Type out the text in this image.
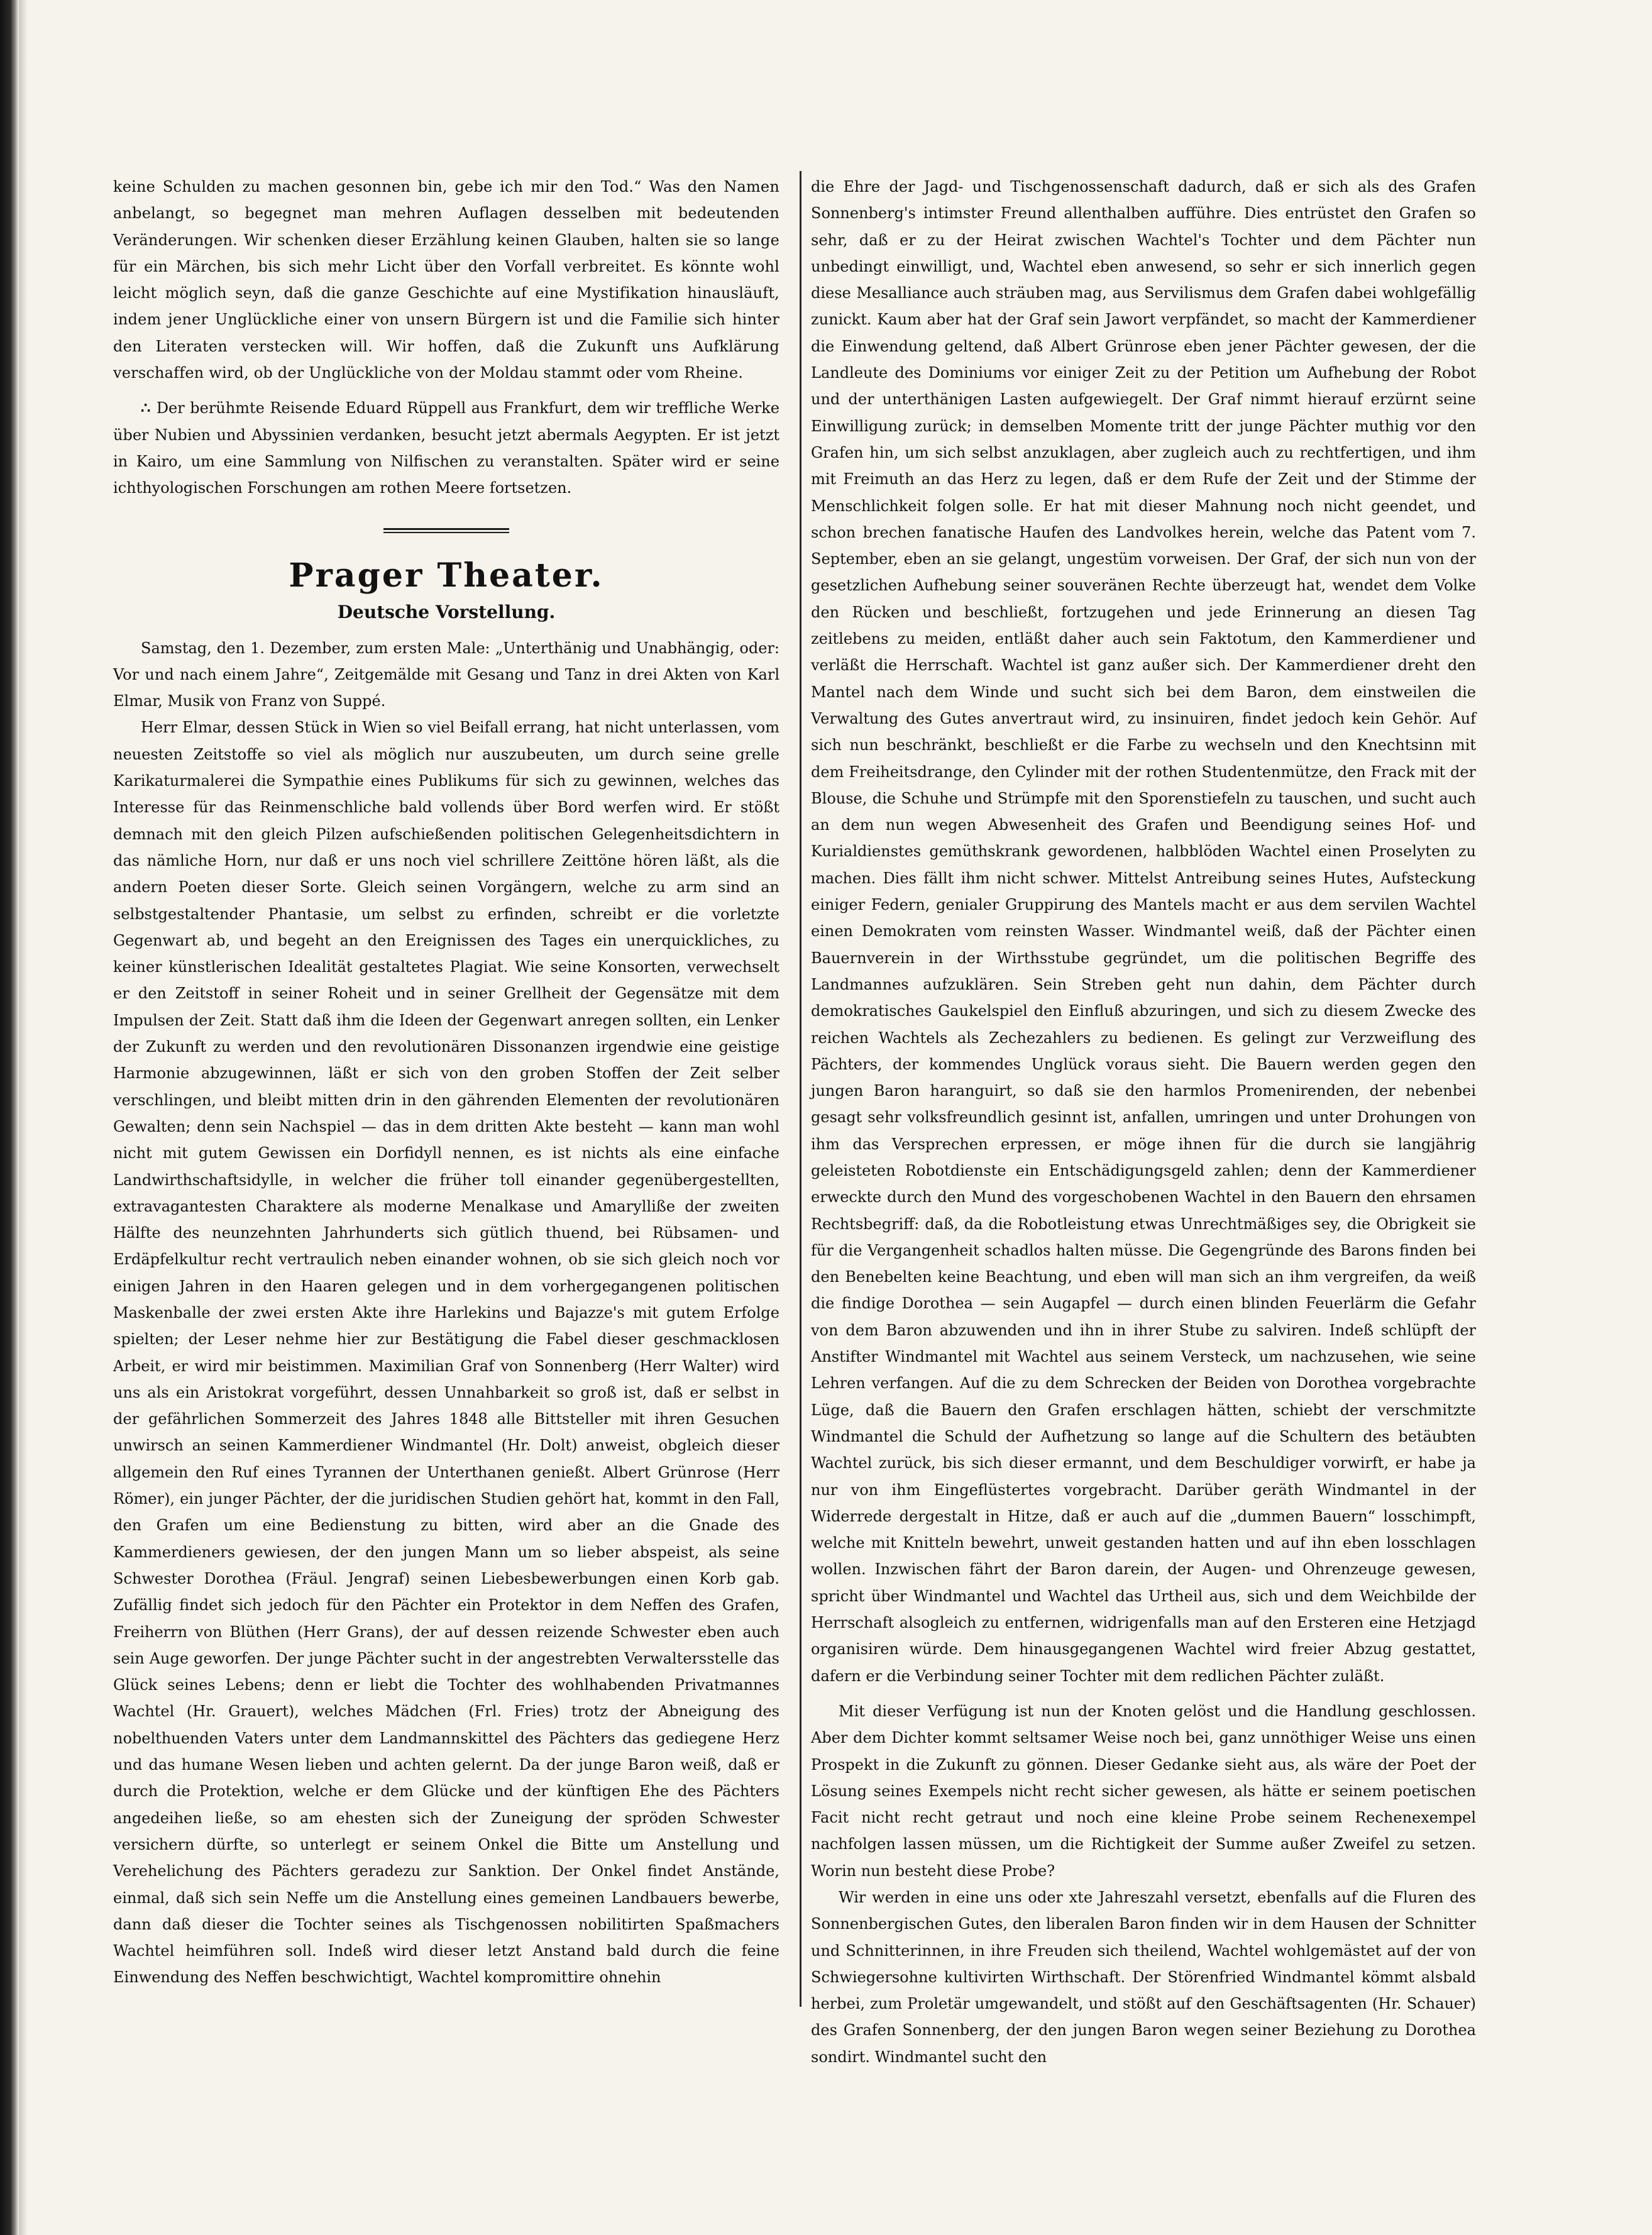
keine Schulden zu machen gesonnen bin, gebe ich mir den Tod.“ Was den Namen anbelangt, so begegnet man mehren Auflagen desselben mit bedeutenden Veränderungen. Wir schenken dieser Erzählung keinen Glauben, halten sie so lange für ein Märchen, bis sich mehr Licht über den Vorfall verbreitet. Es könnte wohl leicht möglich seyn, daß die ganze Geschichte auf eine Mystifikation hinausläuft, indem jener Unglückliche einer von unsern Bürgern ist und die Familie sich hinter den Literaten verstecken will. Wir hoffen, daß die Zukunft uns Aufklärung verschaffen wird, ob der Unglückliche von der Moldau stammt oder vom Rheine.

∴ Der berühmte Reisende Eduard Rüppell aus Frankfurt, dem wir treffliche Werke über Nubien und Abyssinien verdanken, besucht jetzt abermals Aegypten. Er ist jetzt in Kairo, um eine Sammlung von Nilfischen zu veranstalten. Später wird er seine ichthyologischen Forschungen am rothen Meere fortsetzen.

Prager Theater.
Deutsche Vorstellung.

Samstag, den 1. Dezember, zum ersten Male: „Unterthänig und Unabhängig, oder: Vor und nach einem Jahre“, Zeitgemälde mit Gesang und Tanz in drei Akten von Karl Elmar, Musik von Franz von Suppé.

Herr Elmar, dessen Stück in Wien so viel Beifall errang, hat nicht unterlassen, vom neuesten Zeitstoffe so viel als möglich nur auszubeuten, um durch seine grelle Karikaturmalerei die Sympathie eines Publikums für sich zu gewinnen, welches das Interesse für das Reinmenschliche bald vollends über Bord werfen wird. Er stößt demnach mit den gleich Pilzen aufschießenden politischen Gelegenheitsdichtern in das nämliche Horn, nur daß er uns noch viel schrillere Zeittöne hören läßt, als die andern Poeten dieser Sorte. Gleich seinen Vorgängern, welche zu arm sind an selbstgestaltender Phantasie, um selbst zu erfinden, schreibt er die vorletzte Gegenwart ab, und begeht an den Ereignissen des Tages ein unerquickliches, zu keiner künstlerischen Idealität gestaltetes Plagiat. Wie seine Konsorten, verwechselt er den Zeitstoff in seiner Roheit und in seiner Grellheit der Gegensätze mit dem Impulsen der Zeit. Statt daß ihm die Ideen der Gegenwart anregen sollten, ein Lenker der Zukunft zu werden und den revolutionären Dissonanzen irgendwie eine geistige Harmonie abzugewinnen, läßt er sich von den groben Stoffen der Zeit selber verschlingen, und bleibt mitten drin in den gährenden Elementen der revolutionären Gewalten; denn sein Nachspiel — das in dem dritten Akte besteht — kann man wohl nicht mit gutem Gewissen ein Dorfidyll nennen, es ist nichts als eine einfache Landwirthschaftsidylle, in welcher die früher toll einander gegenübergestellten, extravagantesten Charaktere als moderne Menalkase und Amarylliße der zweiten Hälfte des neunzehnten Jahrhunderts sich gütlich thuend, bei Rübsamen- und Erdäpfelkultur recht vertraulich neben einander wohnen, ob sie sich gleich noch vor einigen Jahren in den Haaren gelegen und in dem vorhergegangenen politischen Maskenballe der zwei ersten Akte ihre Harlekins und Bajazze's mit gutem Erfolge spielten; der Leser nehme hier zur Bestätigung die Fabel dieser geschmacklosen Arbeit, er wird mir beistimmen. Maximilian Graf von Sonnenberg (Herr Walter) wird uns als ein Aristokrat vorgeführt, dessen Unnahbarkeit so groß ist, daß er selbst in der gefährlichen Sommerzeit des Jahres 1848 alle Bittsteller mit ihren Gesuchen unwirsch an seinen Kammerdiener Windmantel (Hr. Dolt) anweist, obgleich dieser allgemein den Ruf eines Tyrannen der Unterthanen genießt. Albert Grünrose (Herr Römer), ein junger Pächter, der die juridischen Studien gehört hat, kommt in den Fall, den Grafen um eine Bedienstung zu bitten, wird aber an die Gnade des Kammerdieners gewiesen, der den jungen Mann um so lieber abspeist, als seine Schwester Dorothea (Fräul. Jengraf) seinen Liebesbewerbungen einen Korb gab. Zufällig findet sich jedoch für den Pächter ein Protektor in dem Neffen des Grafen, Freiherrn von Blüthen (Herr Grans), der auf dessen reizende Schwester eben auch sein Auge geworfen. Der junge Pächter sucht in der angestrebten Verwaltersstelle das Glück seines Lebens; denn er liebt die Tochter des wohlhabenden Privatmannes Wachtel (Hr. Grauert), welches Mädchen (Frl. Fries) trotz der Abneigung des nobelthuenden Vaters unter dem Landmannskittel des Pächters das gediegene Herz und das humane Wesen lieben und achten gelernt. Da der junge Baron weiß, daß er durch die Protektion, welche er dem Glücke und der künftigen Ehe des Pächters angedeihen ließe, so am ehesten sich der Zuneigung der spröden Schwester versichern dürfte, so unterlegt er seinem Onkel die Bitte um Anstellung und Verehelichung des Pächters geradezu zur Sanktion. Der Onkel findet Anstände, einmal, daß sich sein Neffe um die Anstellung eines gemeinen Landbauers bewerbe, dann daß dieser die Tochter seines als Tischgenossen nobilitirten Spaßmachers Wachtel heimführen soll. Indeß wird dieser letzt Anstand bald durch die feine Einwendung des Neffen beschwichtigt, Wachtel kompromittire ohnehin

die Ehre der Jagd- und Tischgenossenschaft dadurch, daß er sich als des Grafen Sonnenberg's intimster Freund allenthalben aufführe. Dies entrüstet den Grafen so sehr, daß er zu der Heirat zwischen Wachtel's Tochter und dem Pächter nun unbedingt einwilligt, und, Wachtel eben anwesend, so sehr er sich innerlich gegen diese Mesalliance auch sträuben mag, aus Servilismus dem Grafen dabei wohlgefällig zunickt. Kaum aber hat der Graf sein Jawort verpfändet, so macht der Kammerdiener die Einwendung geltend, daß Albert Grünrose eben jener Pächter gewesen, der die Landleute des Dominiums vor einiger Zeit zu der Petition um Aufhebung der Robot und der unterthänigen Lasten aufgewiegelt. Der Graf nimmt hierauf erzürnt seine Einwilligung zurück; in demselben Momente tritt der junge Pächter muthig vor den Grafen hin, um sich selbst anzuklagen, aber zugleich auch zu rechtfertigen, und ihm mit Freimuth an das Herz zu legen, daß er dem Rufe der Zeit und der Stimme der Menschlichkeit folgen solle. Er hat mit dieser Mahnung noch nicht geendet, und schon brechen fanatische Haufen des Landvolkes herein, welche das Patent vom 7. September, eben an sie gelangt, ungestüm vorweisen. Der Graf, der sich nun von der gesetzlichen Aufhebung seiner souveränen Rechte überzeugt hat, wendet dem Volke den Rücken und beschließt, fortzugehen und jede Erinnerung an diesen Tag zeitlebens zu meiden, entläßt daher auch sein Faktotum, den Kammerdiener und verläßt die Herrschaft. Wachtel ist ganz außer sich. Der Kammerdiener dreht den Mantel nach dem Winde und sucht sich bei dem Baron, dem einstweilen die Verwaltung des Gutes anvertraut wird, zu insinuiren, findet jedoch kein Gehör. Auf sich nun beschränkt, beschließt er die Farbe zu wechseln und den Knechtsinn mit dem Freiheitsdrange, den Cylinder mit der rothen Studentenmütze, den Frack mit der Blouse, die Schuhe und Strümpfe mit den Sporenstiefeln zu tauschen, und sucht auch an dem nun wegen Abwesenheit des Grafen und Beendigung seines Hof- und Kurialdienstes gemüthskrank gewordenen, halbblöden Wachtel einen Proselyten zu machen. Dies fällt ihm nicht schwer. Mittelst Antreibung seines Hutes, Aufsteckung einiger Federn, genialer Gruppirung des Mantels macht er aus dem servilen Wachtel einen Demokraten vom reinsten Wasser. Windmantel weiß, daß der Pächter einen Bauernverein in der Wirthsstube gegründet, um die politischen Begriffe des Landmannes aufzuklären. Sein Streben geht nun dahin, dem Pächter durch demokratisches Gaukelspiel den Einfluß abzuringen, und sich zu diesem Zwecke des reichen Wachtels als Zechezahlers zu bedienen. Es gelingt zur Verzweiflung des Pächters, der kommendes Unglück voraus sieht. Die Bauern werden gegen den jungen Baron haranguirt, so daß sie den harmlos Promenirenden, der nebenbei gesagt sehr volksfreundlich gesinnt ist, anfallen, umringen und unter Drohungen von ihm das Versprechen erpressen, er möge ihnen für die durch sie langjährig geleisteten Robotdienste ein Entschädigungsgeld zahlen; denn der Kammerdiener erweckte durch den Mund des vorgeschobenen Wachtel in den Bauern den ehrsamen Rechtsbegriff: daß, da die Robotleistung etwas Unrechtmäßiges sey, die Obrigkeit sie für die Vergangenheit schadlos halten müsse. Die Gegengründe des Barons finden bei den Benebelten keine Beachtung, und eben will man sich an ihm vergreifen, da weiß die findige Dorothea — sein Augapfel — durch einen blinden Feuerlärm die Gefahr von dem Baron abzuwenden und ihn in ihrer Stube zu salviren. Indeß schlüpft der Anstifter Windmantel mit Wachtel aus seinem Versteck, um nachzusehen, wie seine Lehren verfangen. Auf die zu dem Schrecken der Beiden von Dorothea vorgebrachte Lüge, daß die Bauern den Grafen erschlagen hätten, schiebt der verschmitzte Windmantel die Schuld der Aufhetzung so lange auf die Schultern des betäubten Wachtel zurück, bis sich dieser ermannt, und dem Beschuldiger vorwirft, er habe ja nur von ihm Eingeflüstertes vorgebracht. Darüber geräth Windmantel in der Widerrede dergestalt in Hitze, daß er auch auf die „dummen Bauern“ losschimpft, welche mit Knitteln bewehrt, unweit gestanden hatten und auf ihn eben losschlagen wollen. Inzwischen fährt der Baron darein, der Augen- und Ohrenzeuge gewesen, spricht über Windmantel und Wachtel das Urtheil aus, sich und dem Weichbilde der Herrschaft alsogleich zu entfernen, widrigenfalls man auf den Ersteren eine Hetzjagd organisiren würde. Dem hinausgegangenen Wachtel wird freier Abzug gestattet, dafern er die Verbindung seiner Tochter mit dem redlichen Pächter zuläßt.

Mit dieser Verfügung ist nun der Knoten gelöst und die Handlung geschlossen. Aber dem Dichter kommt seltsamer Weise noch bei, ganz unnöthiger Weise uns einen Prospekt in die Zukunft zu gönnen. Dieser Gedanke sieht aus, als wäre der Poet der Lösung seines Exempels nicht recht sicher gewesen, als hätte er seinem poetischen Facit nicht recht getraut und noch eine kleine Probe seinem Rechenexempel nachfolgen lassen müssen, um die Richtigkeit der Summe außer Zweifel zu setzen. Worin nun besteht diese Probe?

Wir werden in eine uns oder xte Jahreszahl versetzt, ebenfalls auf die Fluren des Sonnenbergischen Gutes, den liberalen Baron finden wir in dem Hausen der Schnitter und Schnitterinnen, in ihre Freuden sich theilend, Wachtel wohlgemästet auf der von Schwiegersohne kultivirten Wirthschaft. Der Störenfried Windmantel kömmt alsbald herbei, zum Proletär umgewandelt, und stößt auf den Geschäftsagenten (Hr. Schauer) des Grafen Sonnenberg, der den jungen Baron wegen seiner Beziehung zu Dorothea sondirt. Windmantel sucht den
